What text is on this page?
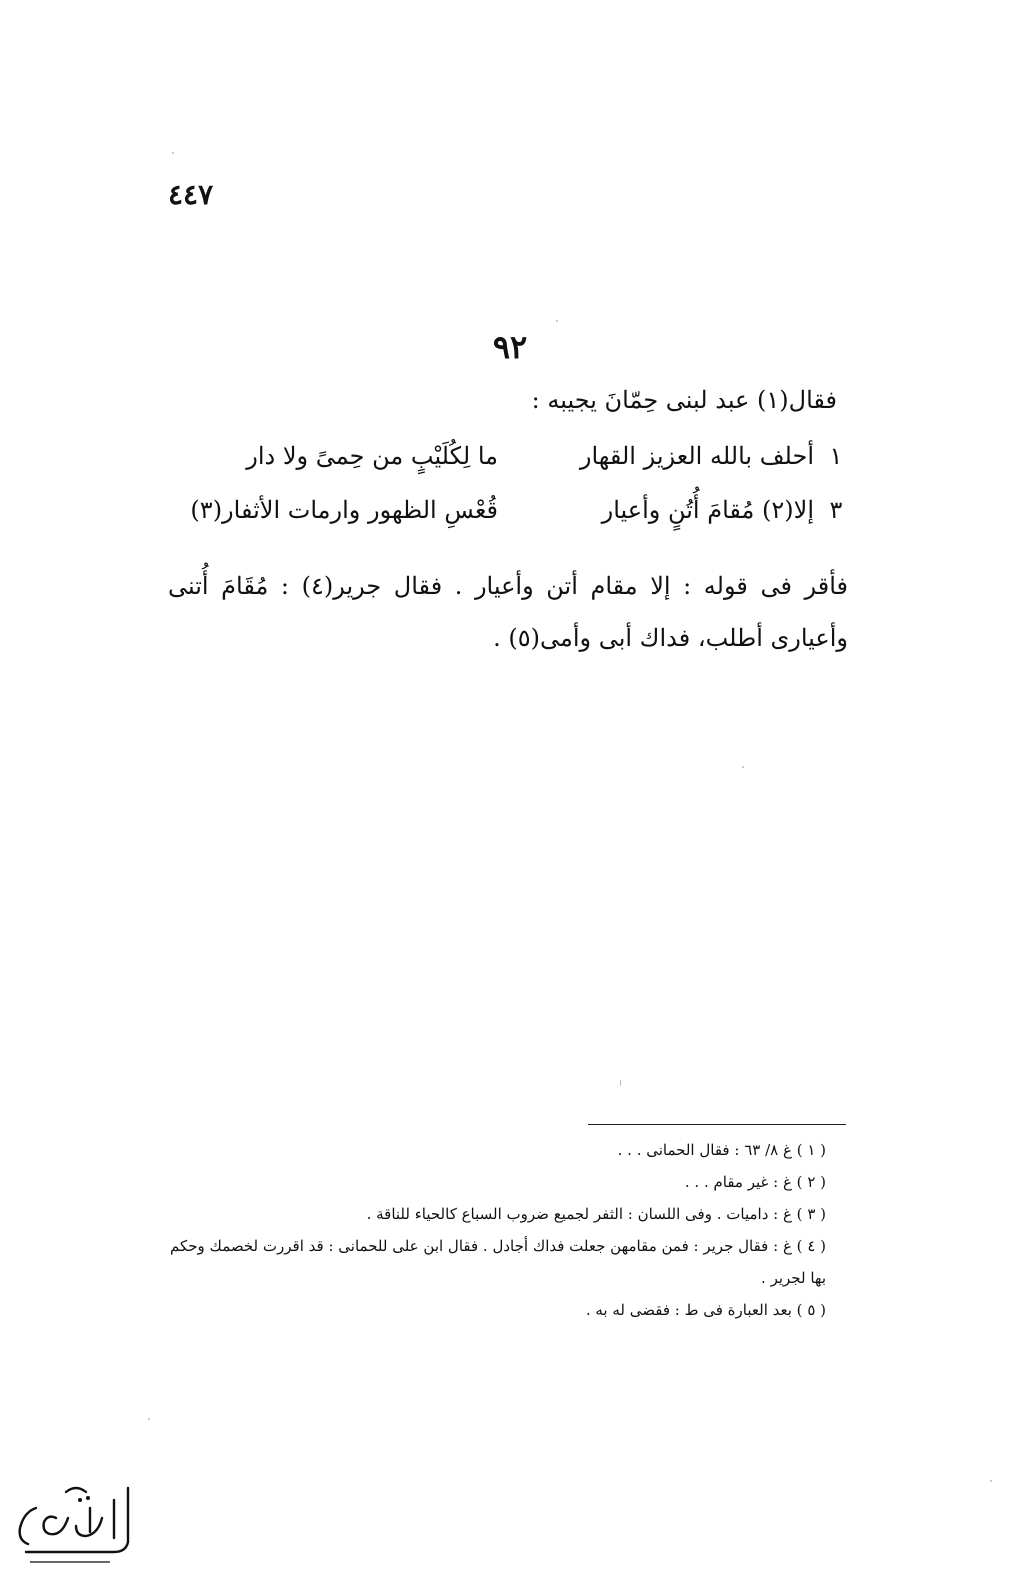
٤٤٧
٩٢
فقال(١) عبد لبنى حِمّانَ يجيبه :
١
أحلف بالله العزيز القهار
ما لِكُلَيْبٍ من حِمىً ولا دار
٣
إلا(٢) مُقامَ أُتُنٍ وأعيار
قُعْسِ الظهور وارمات الأثفار(٣)
فأقر فى قوله : إلا مقام أتن وأعيار . فقال جرير(٤) : مُقَامَ أُتنى وأعيارى أطلب، فداك أبى وأمى(٥) .
( ١ ) غ ٨/ ٦٣ : فقال الحمانى . . .
( ٢ ) غ : غير مقام . . .
( ٣ ) غ : داميات . وفى اللسان : الثفر لجميع ضروب السباع كالحياء للناقة .
( ٤ ) غ : فقال جرير : فمن مقامهن جعلت فداك أجادل . فقال ابن على للحمانى : قد اقررت لخصمك وحكم بها لجرير .
( ٥ ) بعد العبارة فى ط : فقضى له به .
